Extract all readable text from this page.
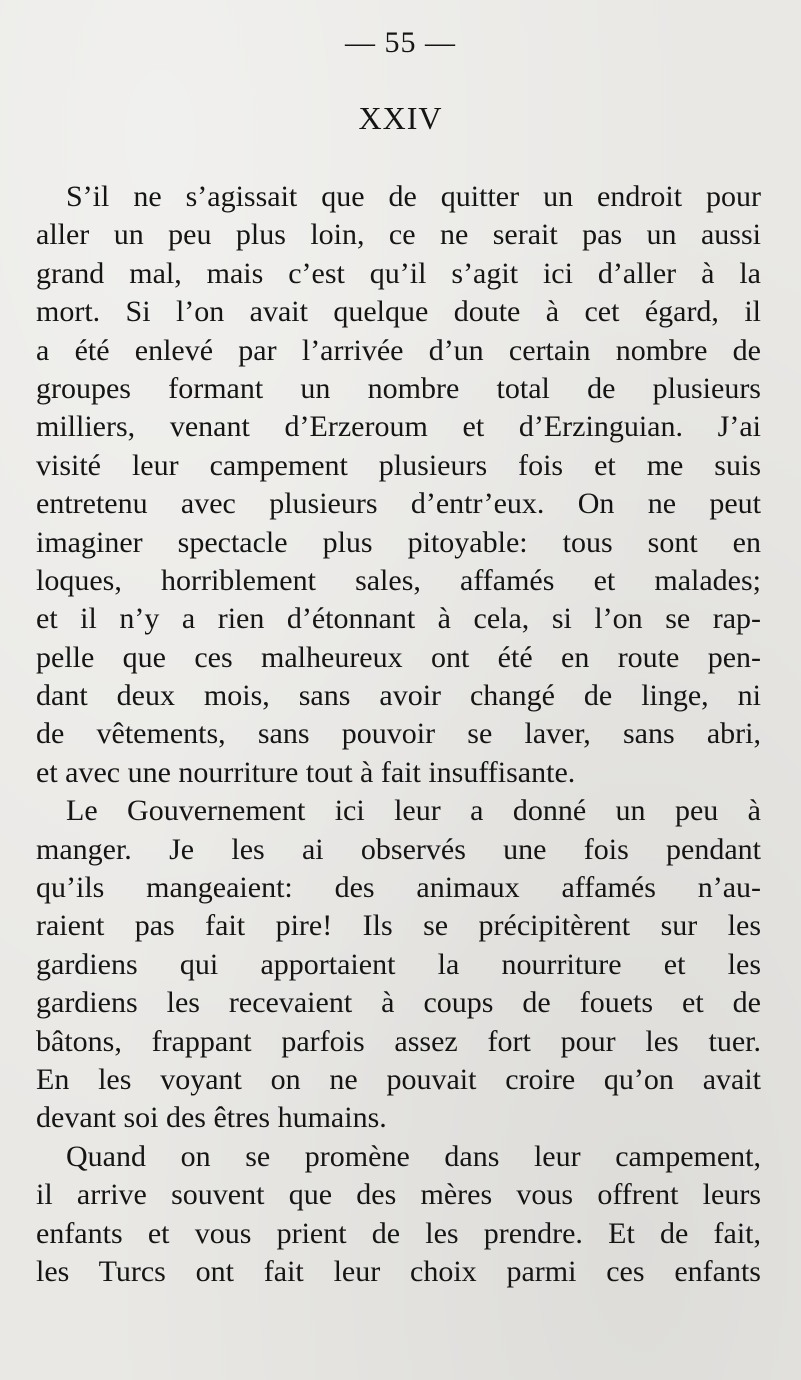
— 55 —
XXIV
S’il ne s’agissait que de quitter un endroit pour
aller un peu plus loin, ce ne serait pas un aussi
grand mal, mais c’est qu’il s’agit ici d’aller à la
mort. Si l’on avait quelque doute à cet égard, il
a été enlevé par l’arrivée d’un certain nombre de
groupes formant un nombre total de plusieurs
milliers, venant d’Erzeroum et d’Erzinguian. J’ai
visité leur campement plusieurs fois et me suis
entretenu avec plusieurs d’entr’eux. On ne peut
imaginer spectacle plus pitoyable: tous sont en
loques, horriblement sales, affamés et malades;
et il n’y a rien d’étonnant à cela, si l’on se rap-
pelle que ces malheureux ont été en route pen-
dant deux mois, sans avoir changé de linge, ni
de vêtements, sans pouvoir se laver, sans abri,
et avec une nourriture tout à fait insuffisante.
Le Gouvernement ici leur a donné un peu à
manger. Je les ai observés une fois pendant
qu’ils mangeaient: des animaux affamés n’au-
raient pas fait pire! Ils se précipitèrent sur les
gardiens qui apportaient la nourriture et les
gardiens les recevaient à coups de fouets et de
bâtons, frappant parfois assez fort pour les tuer.
En les voyant on ne pouvait croire qu’on avait
devant soi des êtres humains.
Quand on se promène dans leur campement,
il arrive souvent que des mères vous offrent leurs
enfants et vous prient de les prendre. Et de fait,
les Turcs ont fait leur choix parmi ces enfants
